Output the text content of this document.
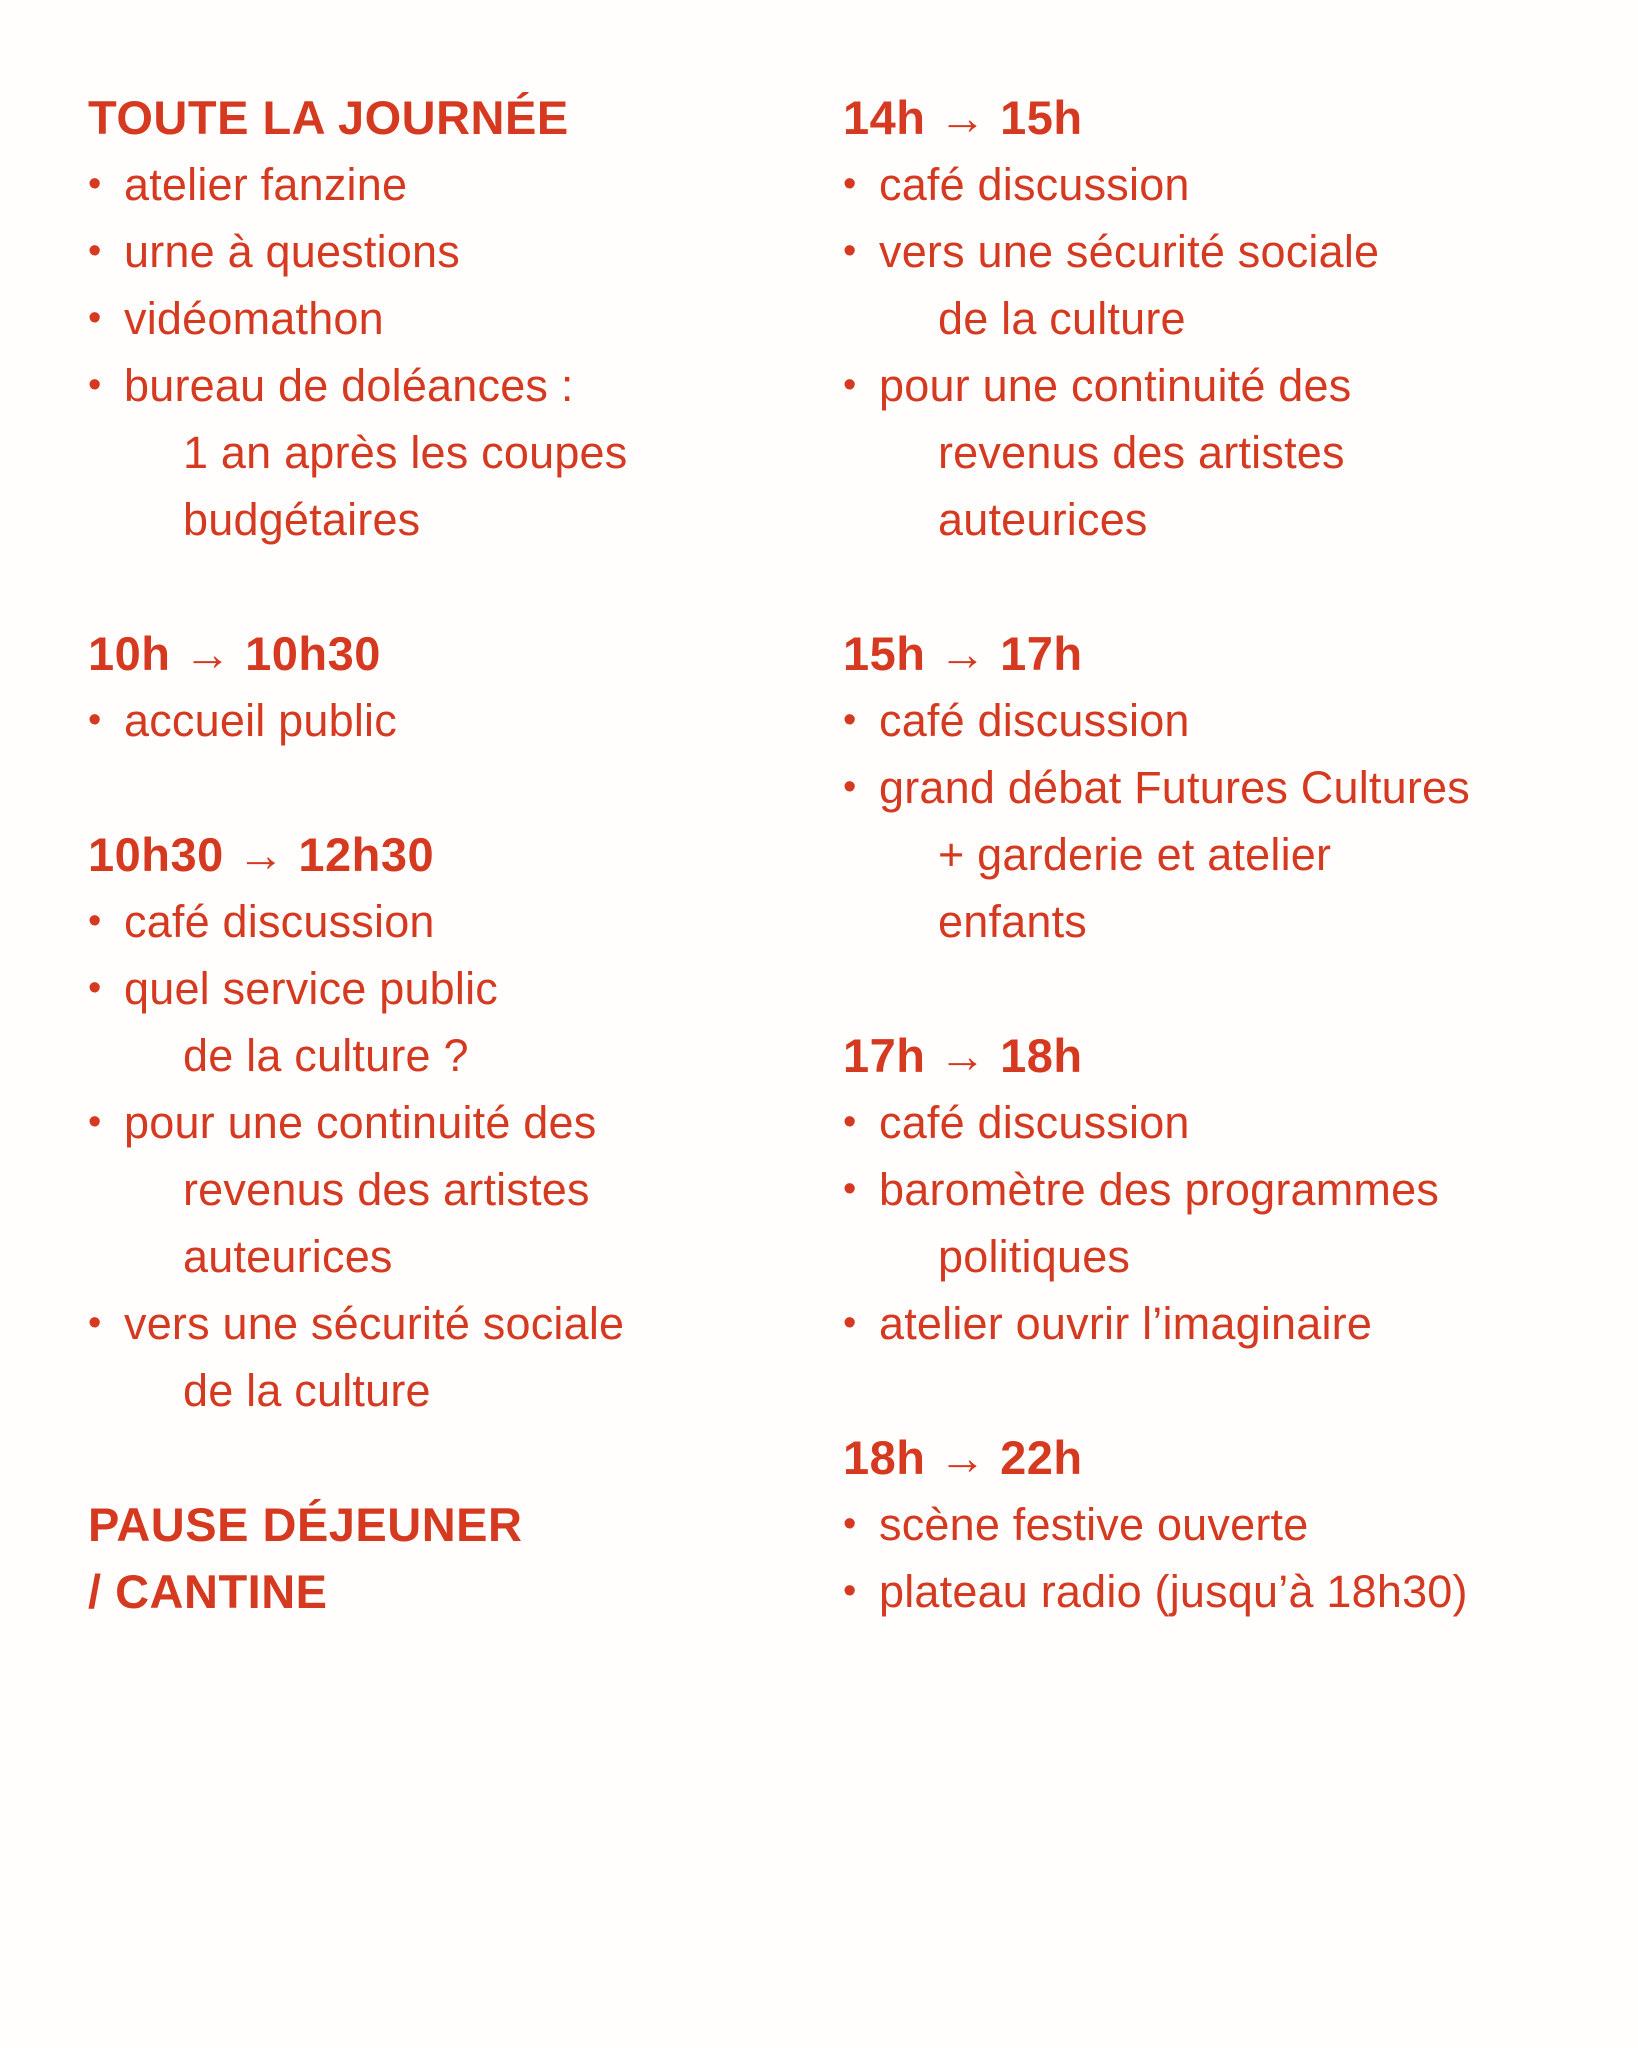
TOUTE LA JOURNÉE
• atelier fanzine
• urne à questions
• vidéomathon
• bureau de doléances :
1 an après les coupes
budgétaires
10h → 10h30
• accueil public
10h30 → 12h30
• café discussion
• quel service public
de la culture ?
• pour une continuité des
revenus des artistes
auteurices
• vers une sécurité sociale
de la culture
PAUSE DÉJEUNER
/ CANTINE
14h → 15h
• café discussion
• vers une sécurité sociale
de la culture
• pour une continuité des
revenus des artistes
auteurices
15h → 17h
• café discussion
• grand débat Futures Cultures
+ garderie et atelier
enfants
17h → 18h
• café discussion
• baromètre des programmes
politiques
• atelier ouvrir l’imaginaire
18h → 22h
• scène festive ouverte
• plateau radio (jusqu’à 18h30)
